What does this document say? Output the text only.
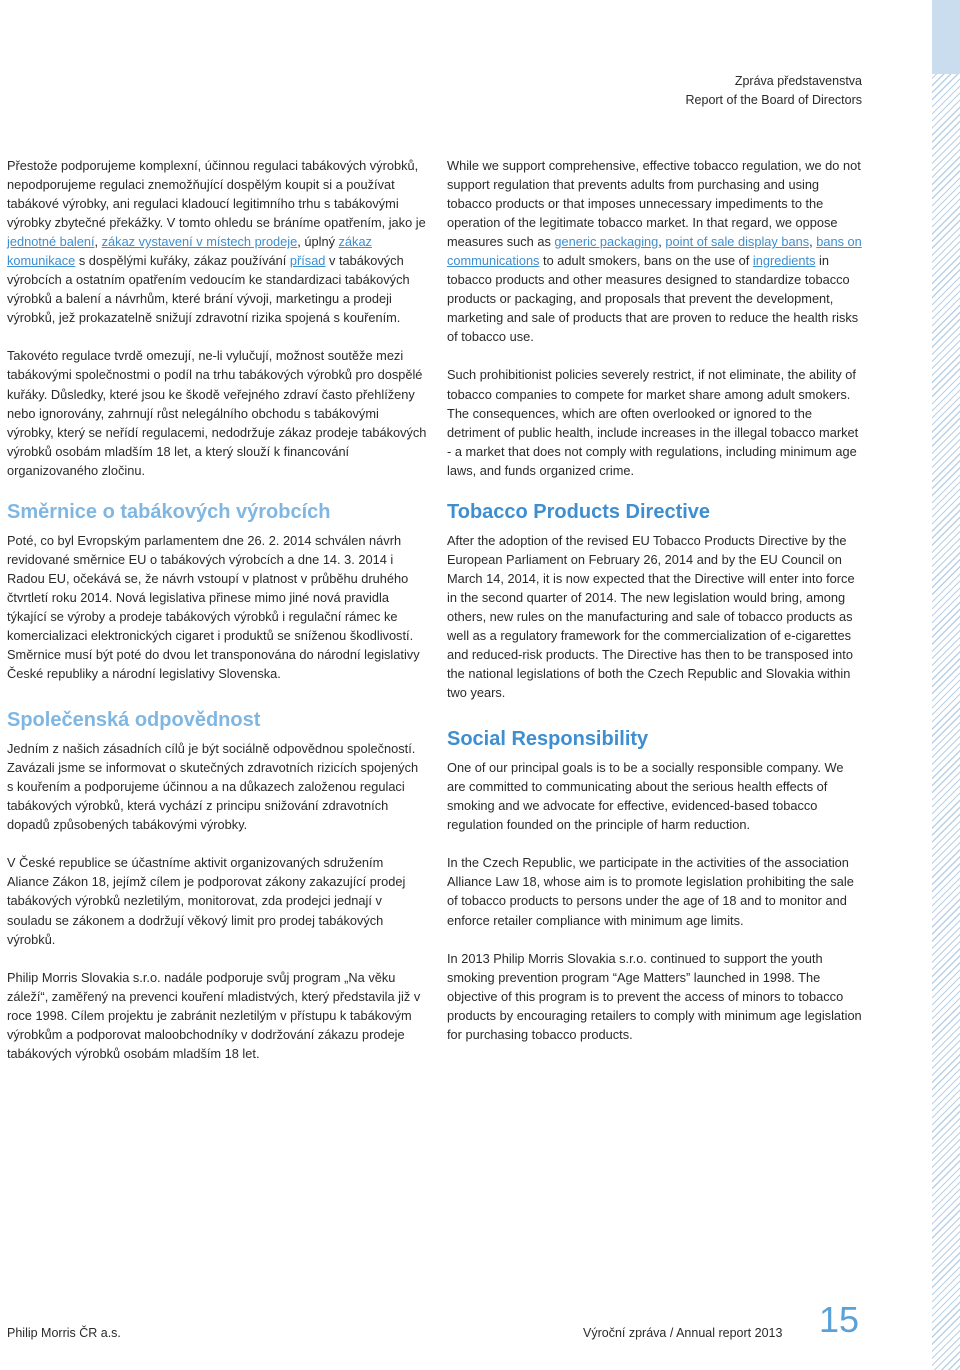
Zpráva představenstva
Report of the Board of Directors

Přestože podporujeme komplexní, účinnou regulaci tabákových výrobků, nepodporujeme regulaci znemožňující dospělým koupit si a používat tabákové výrobky, ani regulaci kladoucí legitimního trhu s tabákovými výrobky zbytečné překážky. V tomto ohledu se bráníme opatřením, jako je jednotné balení, zákaz vystavení v místech prodeje, úplný zákaz komunikace s dospělými kuřáky, zákaz používání přísad v tabákových výrobcích a ostatním opatřením vedoucím ke standardizaci tabákových výrobků a balení a návrhům, které brání vývoji, marketingu a prodeji výrobků, jež prokazatelně snižují zdravotní rizika spojená s kouřením.

Takovéto regulace tvrdě omezují, ne-li vylučují, možnost soutěže mezi tabákovými společnostmi o podíl na trhu tabákových výrobků pro dospělé kuřáky. Důsledky, které jsou ke škodě veřejného zdraví často přehlíženy nebo ignorovány, zahrnují růst nelegálního obchodu s tabákovými výrobky, který se neřídí regulacemi, nedodržuje zákaz prodeje tabákových výrobků osobám mladším 18 let, a který slouží k financování organizovaného zločinu.

Směrnice o tabákových výrobcích

Poté, co byl Evropským parlamentem dne 26. 2. 2014 schválen návrh revidované směrnice EU o tabákových výrobcích a dne 14. 3. 2014 i Radou EU, očekává se, že návrh vstoupí v platnost v průběhu druhého čtvrtletí roku 2014. Nová legislativa přinese mimo jiné nová pravidla týkající se výroby a prodeje tabákových výrobků i regulační rámec ke komercializaci elektronických cigaret i produktů se sníženou škodlivostí. Směrnice musí být poté do dvou let transponována do národní legislativy České republiky a národní legislativy Slovenska.

Společenská odpovědnost

Jedním z našich zásadních cílů je být sociálně odpovědnou společností. Zavázali jsme se informovat o skutečných zdravotních rizicích spojených s kouřením a podporujeme účinnou a na důkazech založenou regulaci tabákových výrobků, která vychází z principu snižování zdravotních dopadů způsobených tabákovými výrobky.

V České republice se účastníme aktivit organizovaných sdružením Aliance Zákon 18, jejímž cílem je podporovat zákony zakazující prodej tabákových výrobků nezletilým, monitorovat, zda prodejci jednají v souladu se zákonem a dodržují věkový limit pro prodej tabákových výrobků.

Philip Morris Slovakia s.r.o. nadále podporuje svůj program „Na věku záleží“, zaměřený na prevenci kouření mladistvých, který představila již v roce 1998. Cílem projektu je zabránit nezletilým v přístupu k tabákovým výrobkům a podporovat maloobchodníky v dodržování zákazu prodeje tabákových výrobků osobám mladším 18 let.

While we support comprehensive, effective tobacco regulation, we do not support regulation that prevents adults from purchasing and using tobacco products or that imposes unnecessary impediments to the operation of the legitimate tobacco market. In that regard, we oppose measures such as generic packaging, point of sale display bans, bans on communications to adult smokers, bans on the use of ingredients in tobacco products and other measures designed to standardize tobacco products or packaging, and proposals that prevent the development, marketing and sale of products that are proven to reduce the health risks of tobacco use.

Such prohibitionist policies severely restrict, if not eliminate, the ability of tobacco companies to compete for market share among adult smokers. The consequences, which are often overlooked or ignored to the detriment of public health, include increases in the illegal tobacco market - a market that does not comply with regulations, including minimum age laws, and funds organized crime.

Tobacco Products Directive

After the adoption of the revised EU Tobacco Products Directive by the European Parliament on February 26, 2014 and by the EU Council on March 14, 2014, it is now expected that the Directive will enter into force in the second quarter of 2014. The new legislation would bring, among others, new rules on the manufacturing and sale of tobacco products as well as a regulatory framework for the commercialization of e-cigarettes and reduced-risk products. The Directive has then to be transposed into the national legislations of both the Czech Republic and Slovakia within two years.

Social Responsibility

One of our principal goals is to be a socially responsible company. We are committed to communicating about the serious health effects of smoking and we advocate for effective, evidenced-based tobacco regulation founded on the principle of harm reduction.

In the Czech Republic, we participate in the activities of the association Alliance Law 18, whose aim is to promote legislation prohibiting the sale of tobacco products to persons under the age of 18 and to monitor and enforce retailer compliance with minimum age limits.

In 2013 Philip Morris Slovakia s.r.o. continued to support the youth smoking prevention program “Age Matters” launched in 1998. The objective of this program is to prevent the access of minors to tobacco products by encouraging retailers to comply with minimum age legislation for purchasing tobacco products.

Philip Morris ČR a.s.	Výroční zpráva / Annual report 2013 15
